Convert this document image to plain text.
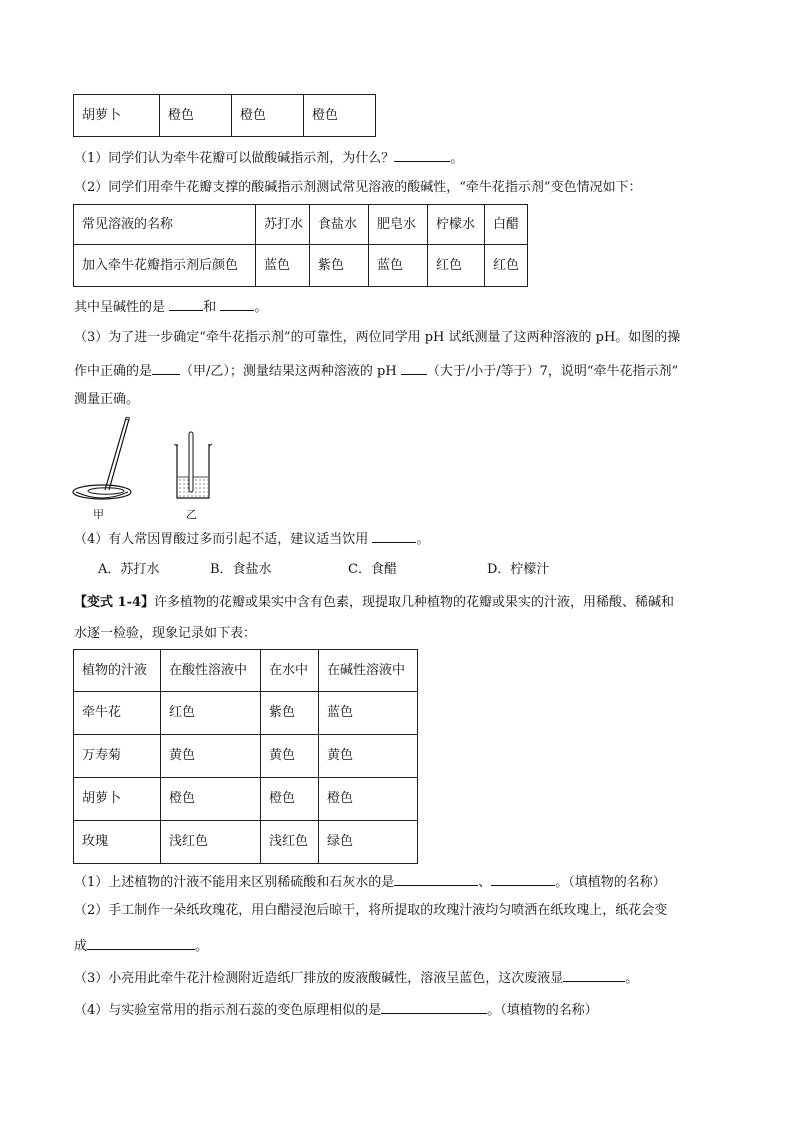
胡萝卜	橙色	橙色	橙色
（1）同学们认为牵牛花瓣可以做酸碱指示剂，为什么？	。
（2）同学们用牵牛花瓣支撑的酸碱指示剂测试常见溶液的酸碱性，“牵牛花指示剂”变色情况如下：
常见溶液的名称	苏打水	食盐水	肥皂水	柠檬水	白醋
加入牵牛花瓣指示剂后颜色	蓝色	紫色	蓝色	红色	红色
其中呈碱性的是	和	。
（3）为了进一步确定“牵牛花指示剂”的可靠性，两位同学用 pH 试纸测量了这两种溶液的 pH。如图的操
作中正确的是 （甲/乙）；测量结果这两种溶液的 pH （大于/小于/等于）7，说明“牵牛花指示剂”
测量正确。
甲	乙
（4）有人常因胃酸过多而引起不适，建议适当饮用	。
A．苏打水	B．食盐水	C．食醋	D．柠檬汁
【变式 1-4】许多植物的花瓣或果实中含有色素，现提取几种植物的花瓣或果实的汁液，用稀酸、稀碱和
水逐一检验，现象记录如下表：
植物的汁液	在酸性溶液中	在水中	在碱性溶液中
牵牛花	红色	紫色	蓝色
万寿菊	黄色	黄色	黄色
胡萝卜	橙色	橙色	橙色
玫瑰	浅红色	浅红色	绿色
（1）上述植物的汁液不能用来区别稀硫酸和石灰水的是	、	。（填植物的名称）
（2）手工制作一朵纸玫瑰花，用白醋浸泡后晾干，将所提取的玫瑰汁液均匀喷洒在纸玫瑰上，纸花会变
成	。
（3）小亮用此牵牛花汁检测附近造纸厂排放的废液酸碱性，溶液呈蓝色，这次废液显	。
（4）与实验室常用的指示剂石蕊的变色原理相似的是	。（填植物的名称）
